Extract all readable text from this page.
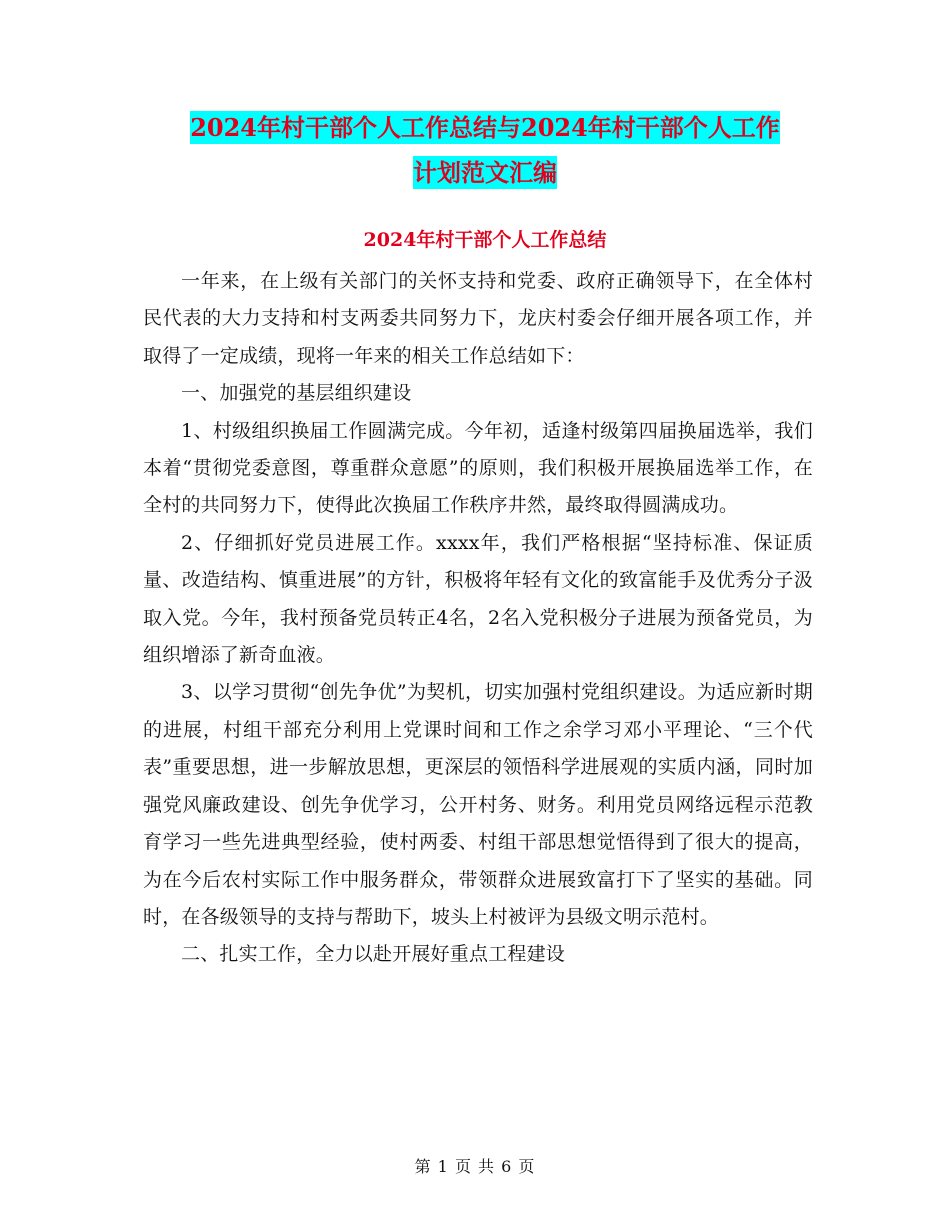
2024年村干部个人工作总结与2024年村干部个人工作
计划范文汇编
2024年村干部个人工作总结

一年来，在上级有关部门的关怀支持和党委、政府正确领导下，在全体村民代表的大力支持和村支两委共同努力下，龙庆村委会仔细开展各项工作，并取得了一定成绩，现将一年来的相关工作总结如下：

一、加强党的基层组织建设

1、村级组织换届工作圆满完成。今年初，适逢村级第四届换届选举，我们本着“贯彻党委意图，尊重群众意愿”的原则，我们积极开展换届选举工作，在全村的共同努力下，使得此次换届工作秩序井然，最终取得圆满成功。

2、仔细抓好党员进展工作。xxxx年，我们严格根据“坚持标准、保证质量、改造结构、慎重进展”的方针，积极将年轻有文化的致富能手及优秀分子汲取入党。今年，我村预备党员转正4名，2名入党积极分子进展为预备党员，为组织增添了新奇血液。

3、以学习贯彻“创先争优”为契机，切实加强村党组织建设。为适应新时期的进展，村组干部充分利用上党课时间和工作之余学习邓小平理论、“三个代表”重要思想，进一步解放思想，更深层的领悟科学进展观的实质内涵，同时加强党风廉政建设、创先争优学习，公开村务、财务。利用党员网络远程示范教育学习一些先进典型经验，使村两委、村组干部思想觉悟得到了很大的提高，为在今后农村实际工作中服务群众，带领群众进展致富打下了坚实的基础。同时，在各级领导的支持与帮助下，坡头上村被评为县级文明示范村。

二、扎实工作，全力以赴开展好重点工程建设

第 1 页 共 6 页
